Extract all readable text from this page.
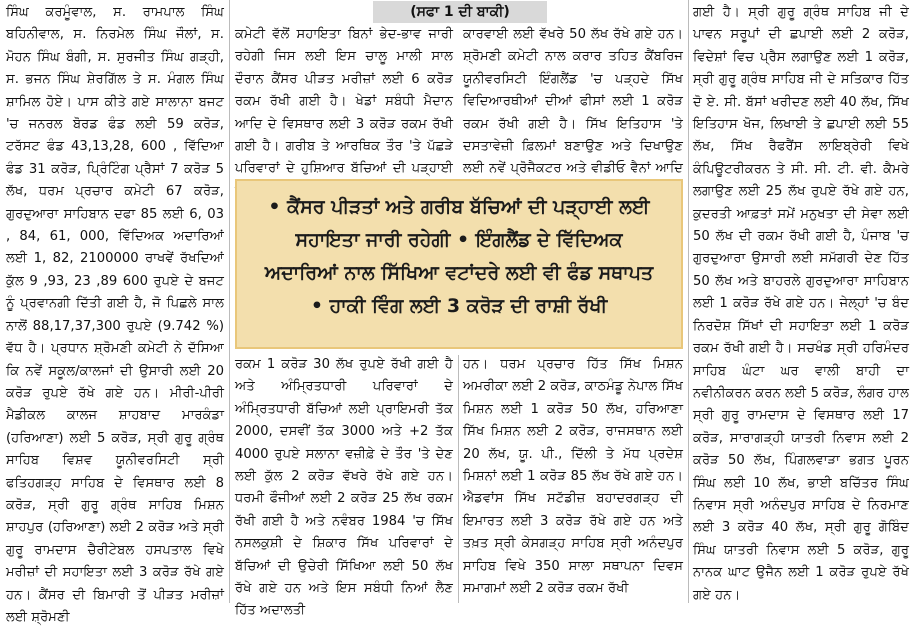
ਸਿੰਘ ਕਰਮੂੰਵਾਲ, ਸ. ਰਾਮਪਾਲ ਸਿੰਘ ਬਹਿਨੀਵਾਲ, ਸ. ਨਿਰਮੇਲ ਸਿੰਘ ਜੌਲਾਂ, ਸ. ਮੋਹਨ ਸਿੰਘ ਬੰਗੀ, ਸ. ਸੁਰਜੀਤ ਸਿੰਘ ਗੜ੍ਹੀ, ਸ. ਭਜਨ ਸਿੰਘ ਸ਼ੇਰਗਿੱਲ ਤੇ ਸ. ਮੰਗਲ ਸਿੰਘ ਸ਼ਾਮਿਲ ਹੋਏ। ਪਾਸ ਕੀਤੇ ਗਏ ਸਾਲਾਨਾ ਬਜਟ 'ਚ ਜਨਰਲ ਬੋਰਡ ਫੰਡ ਲਈ 59 ਕਰੋੜ, ਟਰੱਸਟ ਫੰਡ 43,13,28, 600 , ਵਿੱਦਿਆ ਫੰਡ 31 ਕਰੋੜ, ਪ੍ਰਿੰਟਿੰਗ ਪ੍ਰੈਸਾਂ 7 ਕਰੋੜ 5 ਲੱਖ, ਧਰਮ ਪ੍ਰਚਾਰ ਕਮੇਟੀ 67 ਕਰੋੜ, ਗੁਰਦੁਆਰਾ ਸਾਹਿਬਾਨ ਦਫਾ 85 ਲਈ 6, 03 , 84, 61, 000, ਵਿੱਦਿਅਕ ਅਦਾਰਿਆਂ ਲਈ 1, 82, 2100000 ਰਾਖਵੇਂ ਰੱਖਦਿਆਂ ਕੁੱਲ 9 ,93, 23 ,89 600 ਰੁਪਏ ਦੇ ਬਜਟ ਨੂੰ ਪ੍ਰਵਾਨਗੀ ਦਿੱਤੀ ਗਈ ਹੈ, ਜੋ ਪਿਛਲੇ ਸਾਲ ਨਾਲੋਂ 88,17,37,300 ਰੁਪਏ (9.742 %) ਵੱਧ ਹੈ। ਪ੍ਰਧਾਨ ਸ਼੍ਰੋਮਣੀ ਕਮੇਟੀ ਨੇ ਦੱਸਿਆ ਕਿ ਨਵੇਂ ਸਕੂਲ/ਕਾਲਜਾਂ ਦੀ ਉਸਾਰੀ ਲਈ 20 ਕਰੋੜ ਰੁਪਏ ਰੱਖੇ ਗਏ ਹਨ। ਮੀਰੀ-ਪੀਰੀ ਮੈਡੀਕਲ ਕਾਲਜ ਸ਼ਾਹਬਾਦ ਮਾਰਕੰਡਾ (ਹਰਿਆਣਾ) ਲਈ 5 ਕਰੋੜ, ਸ੍ਰੀ ਗੁਰੂ ਗ੍ਰੰਥ ਸਾਹਿਬ ਵਿਸ਼ਵ ਯੂਨੀਵਰਸਿਟੀ ਸ੍ਰੀ ਫਤਿਹਗੜ੍ਹ ਸਾਹਿਬ ਦੇ ਵਿਸਥਾਰ ਲਈ 8 ਕਰੋੜ, ਸ੍ਰੀ ਗੁਰੂ ਗ੍ਰੰਥ ਸਾਹਿਬ ਮਿਸ਼ਨ ਸ਼ਾਹਪੁਰ (ਹਰਿਆਣਾ) ਲਈ 2 ਕਰੋੜ ਅਤੇ ਸ੍ਰੀ ਗੁਰੂ ਰਾਮਦਾਸ ਚੈਰੀਟੇਬਲ ਹਸਪਤਾਲ ਵਿਖੇ ਮਰੀਜ਼ਾਂ ਦੀ ਸਹਾਇਤਾ ਲਈ 3 ਕਰੋੜ ਰੱਖੇ ਗਏ ਹਨ। ਕੈਂਸਰ ਦੀ ਬਿਮਾਰੀ ਤੋਂ ਪੀੜਤ ਮਰੀਜ਼ਾਂ ਲਈ ਸ਼੍ਰੋਮਣੀ

(ਸਫਾ 1 ਦੀ ਬਾਕੀ)

ਕਮੇਟੀ ਵੱਲੋਂ ਸਹਾਇਤਾ ਬਿਨਾਂ ਭੇਦ-ਭਾਵ ਜਾਰੀ ਰਹੇਗੀ ਜਿਸ ਲਈ ਇਸ ਚਾਲੂ ਮਾਲੀ ਸਾਲ ਦੌਰਾਨ ਕੈਂਸਰ ਪੀੜਤ ਮਰੀਜ਼ਾਂ ਲਈ 6 ਕਰੋੜ ਰਕਮ ਰੱਖੀ ਗਈ ਹੈ। ਖੇਡਾਂ ਸਬੰਧੀ ਮੈਦਾਨ ਆਦਿ ਦੇ ਵਿਸਥਾਰ ਲਈ 3 ਕਰੋੜ ਰਕਮ ਰੱਖੀ ਗਈ ਹੈ। ਗਰੀਬ ਤੇ ਆਰਥਿਕ ਤੌਰ 'ਤੇ ਪੱਛੜੇ ਪਰਿਵਾਰਾਂ ਦੇ ਹੁਸ਼ਿਆਰ ਬੱਚਿਆਂ ਦੀ ਪੜ੍ਹਾਈ

ਕਾਰਵਾਈ ਲਈ ਵੱਖਰੇ 50 ਲੱਖ ਰੱਖੇ ਗਏ ਹਨ। ਸ਼੍ਰੋਮਣੀ ਕਮੇਟੀ ਨਾਲ ਕਰਾਰ ਤਹਿਤ ਕੈਂਬਰਿਜ ਯੂਨੀਵਰਸਿਟੀ ਇੰਗਲੈਂਡ 'ਚ ਪੜ੍ਹਦੇ ਸਿੱਖ ਵਿਦਿਆਰਥੀਆਂ ਦੀਆਂ ਫੀਸਾਂ ਲਈ 1 ਕਰੋੜ ਰਕਮ ਰੱਖੀ ਗਈ ਹੈ। ਸਿੱਖ ਇਤਿਹਾਸ 'ਤੇ ਦਸਤਾਵੇਜ਼ੀ ਫ਼ਿਲਮਾਂ ਬਣਾਉਣ ਅਤੇ ਦਿਖਾਉਣ ਲਈ ਨਵੇਂ ਪ੍ਰੋਜੈਕਟਰ ਅਤੇ ਵੀਡੀਓ ਵੈਨਾਂ ਆਦਿ

• ਕੈਂਸਰ ਪੀੜਤਾਂ ਅਤੇ ਗਰੀਬ ਬੱਚਿਆਂ ਦੀ ਪੜ੍ਹਾਈ ਲਈ
ਸਹਾਇਤਾ ਜਾਰੀ ਰਹੇਗੀ • ਇੰਗਲੈਂਡ ਦੇ ਵਿੱਦਿਅਕ
ਅਦਾਰਿਆਂ ਨਾਲ ਸਿੱਖਿਆ ਵਟਾਂਦਰੇ ਲਈ ਵੀ ਫੰਡ ਸਥਾਪਤ
• ਹਾਕੀ ਵਿੰਗ ਲਈ 3 ਕਰੋੜ ਦੀ ਰਾਸ਼ੀ ਰੱਖੀ

ਰਕਮ 1 ਕਰੋੜ 30 ਲੱਖ ਰੁਪਏ ਰੱਖੀ ਗਈ ਹੈ ਅਤੇ ਅੰਮ੍ਰਿਤਧਾਰੀ ਪਰਿਵਾਰਾਂ ਦੇ ਅੰਮ੍ਰਿਤਧਾਰੀ ਬੱਚਿਆਂ ਲਈ ਪ੍ਰਾਇਮਰੀ ਤੱਕ 2000, ਦਸਵੀਂ ਤੱਕ 3000 ਅਤੇ +2 ਤੱਕ 4000 ਰੁਪਏ ਸਲਾਨਾ ਵਜ਼ੀਫ਼ੇ ਦੇ ਤੌਰ 'ਤੇ ਦੇਣ ਲਈ ਕੁੱਲ 2 ਕਰੋੜ ਵੱਖਰੇ ਰੱਖੇ ਗਏ ਹਨ। ਧਰਮੀ ਫੌਜੀਆਂ ਲਈ 2 ਕਰੋੜ 25 ਲੱਖ ਰਕਮ ਰੱਖੀ ਗਈ ਹੈ ਅਤੇ ਨਵੰਬਰ 1984 'ਚ ਸਿੱਖ ਨਸਲਕੁਸ਼ੀ ਦੇ ਸ਼ਿਕਾਰ ਸਿੱਖ ਪਰਿਵਾਰਾਂ ਦੇ ਬੱਚਿਆਂ ਦੀ ਉਚੇਰੀ ਸਿੱਖਿਆ ਲਈ 50 ਲੱਖ ਰੱਖੇ ਗਏ ਹਨ ਅਤੇ ਇਸ ਸਬੰਧੀ ਨਿਆਂ ਲੈਣ ਹਿੱਤ ਅਦਾਲਤੀ

ਹਨ। ਧਰਮ ਪ੍ਰਚਾਰ ਹਿੱਤ ਸਿੱਖ ਮਿਸ਼ਨ ਅਮਰੀਕਾ ਲਈ 2 ਕਰੋੜ, ਕਾਠਮੰਡੂ ਨੇਪਾਲ ਸਿੱਖ ਮਿਸ਼ਨ ਲਈ 1 ਕਰੋੜ 50 ਲੱਖ, ਹਰਿਆਣਾ ਸਿੱਖ ਮਿਸ਼ਨ ਲਈ 2 ਕਰੋੜ, ਰਾਜਸਥਾਨ ਲਈ 20 ਲੱਖ, ਯੂ. ਪੀ., ਦਿੱਲੀ ਤੇ ਮੱਧ ਪ੍ਰਦੇਸ਼ ਮਿਸ਼ਨਾਂ ਲਈ 1 ਕਰੋੜ 85 ਲੱਖ ਰੱਖੇ ਗਏ ਹਨ। ਐਡਵਾਂਸ ਸਿੱਖ ਸਟੱਡੀਜ਼ ਬਹਾਦਰਗੜ੍ਹ ਦੀ ਇਮਾਰਤ ਲਈ 3 ਕਰੋੜ ਰੱਖੇ ਗਏ ਹਨ ਅਤੇ ਤਖ਼ਤ ਸ੍ਰੀ ਕੇਸਗੜ੍ਹ ਸਾਹਿਬ ਸ੍ਰੀ ਅਨੰਦਪੁਰ ਸਾਹਿਬ ਵਿਖੇ 350 ਸਾਲਾ ਸਥਾਪਨਾ ਦਿਵਸ ਸਮਾਗਮਾਂ ਲਈ 2 ਕਰੋੜ ਰਕਮ ਰੱਖੀ

ਗਈ ਹੈ। ਸ੍ਰੀ ਗੁਰੂ ਗ੍ਰੰਥ ਸਾਹਿਬ ਜੀ ਦੇ ਪਾਵਨ ਸਰੂਪਾਂ ਦੀ ਛਪਾਈ ਲਈ 2 ਕਰੋੜ, ਵਿਦੇਸ਼ਾਂ ਵਿਚ ਪ੍ਰੈਸ ਲਗਾਉਣ ਲਈ 1 ਕਰੋੜ, ਸ੍ਰੀ ਗੁਰੂ ਗ੍ਰੰਥ ਸਾਹਿਬ ਜੀ ਦੇ ਸਤਿਕਾਰ ਹਿੱਤ ਦੋ ਏ. ਸੀ. ਬੱਸਾਂ ਖਰੀਦਣ ਲਈ 40 ਲੱਖ, ਸਿੱਖ ਇਤਿਹਾਸ ਖੋਜ, ਲਿਖਾਈ ਤੇ ਛਪਾਈ ਲਈ 55 ਲੱਖ, ਸਿੱਖ ਰੈਫਰੈਂਸ ਲਾਇਬ੍ਰੇਰੀ ਵਿਖੇ ਕੰਪਿਊਟਰੀਕਰਨ ਤੇ ਸੀ. ਸੀ. ਟੀ. ਵੀ. ਕੈਮਰੇ ਲਗਾਉਣ ਲਈ 25 ਲੱਖ ਰੁਪਏ ਰੱਖੇ ਗਏ ਹਨ, ਕੁਦਰਤੀ ਆਫ਼ਤਾਂ ਸਮੇਂ ਮਨੁਖਤਾ ਦੀ ਸੇਵਾ ਲਈ 50 ਲੱਖ ਦੀ ਰਕਮ ਰੱਖੀ ਗਈ ਹੈ, ਪੰਜਾਬ 'ਚ ਗੁਰਦੁਆਰਾ ਉਸਾਰੀ ਲਈ ਸਮੱਗਰੀ ਦੇਣ ਹਿੱਤ 50 ਲੱਖ ਅਤੇ ਬਾਹਰਲੇ ਗੁਰਦੁਆਰਾ ਸਾਹਿਬਾਨ ਲਈ 1 ਕਰੋੜ ਰੱਖੇ ਗਏ ਹਨ। ਜੇਲ੍ਹਾਂ 'ਚ ਬੰਦ ਨਿਰਦੋਸ਼ ਸਿੱਖਾਂ ਦੀ ਸਹਾਇਤਾ ਲਈ 1 ਕਰੋੜ ਰਕਮ ਰੱਖੀ ਗਈ ਹੈ। ਸਚਖੰਡ ਸ੍ਰੀ ਹਰਿਮੰਦਰ ਸਾਹਿਬ ਘੰਟਾ ਘਰ ਵਾਲੀ ਬਾਹੀ ਦਾ ਨਵੀਨੀਕਰਨ ਕਰਨ ਲਈ 5 ਕਰੋੜ, ਲੰਗਰ ਹਾਲ ਸ੍ਰੀ ਗੁਰੂ ਰਾਮਦਾਸ ਦੇ ਵਿਸਥਾਰ ਲਈ 17 ਕਰੋੜ, ਸਾਰਾਗੜ੍ਹੀ ਯਾਤਰੀ ਨਿਵਾਸ ਲਈ 2 ਕਰੋੜ 50 ਲੱਖ, ਪਿੰਗਲਵਾੜਾ ਭਗਤ ਪੂਰਨ ਸਿੰਘ ਲਈ 10 ਲੱਖ, ਭਾਈ ਬਚਿੱਤਰ ਸਿੰਘ ਨਿਵਾਸ ਸ੍ਰੀ ਅਨੰਦਪੁਰ ਸਾਹਿਬ ਦੇ ਨਿਰਮਾਣ ਲਈ 3 ਕਰੋੜ 40 ਲੱਖ, ਸ੍ਰੀ ਗੁਰੂ ਗੋਬਿੰਦ ਸਿੰਘ ਯਾਤਰੀ ਨਿਵਾਸ ਲਈ 5 ਕਰੋੜ, ਗੁਰੂ ਨਾਨਕ ਘਾਟ ਉਜੈਨ ਲਈ 1 ਕਰੋੜ ਰੁਪਏ ਰੱਖੇ ਗਏ ਹਨ।
